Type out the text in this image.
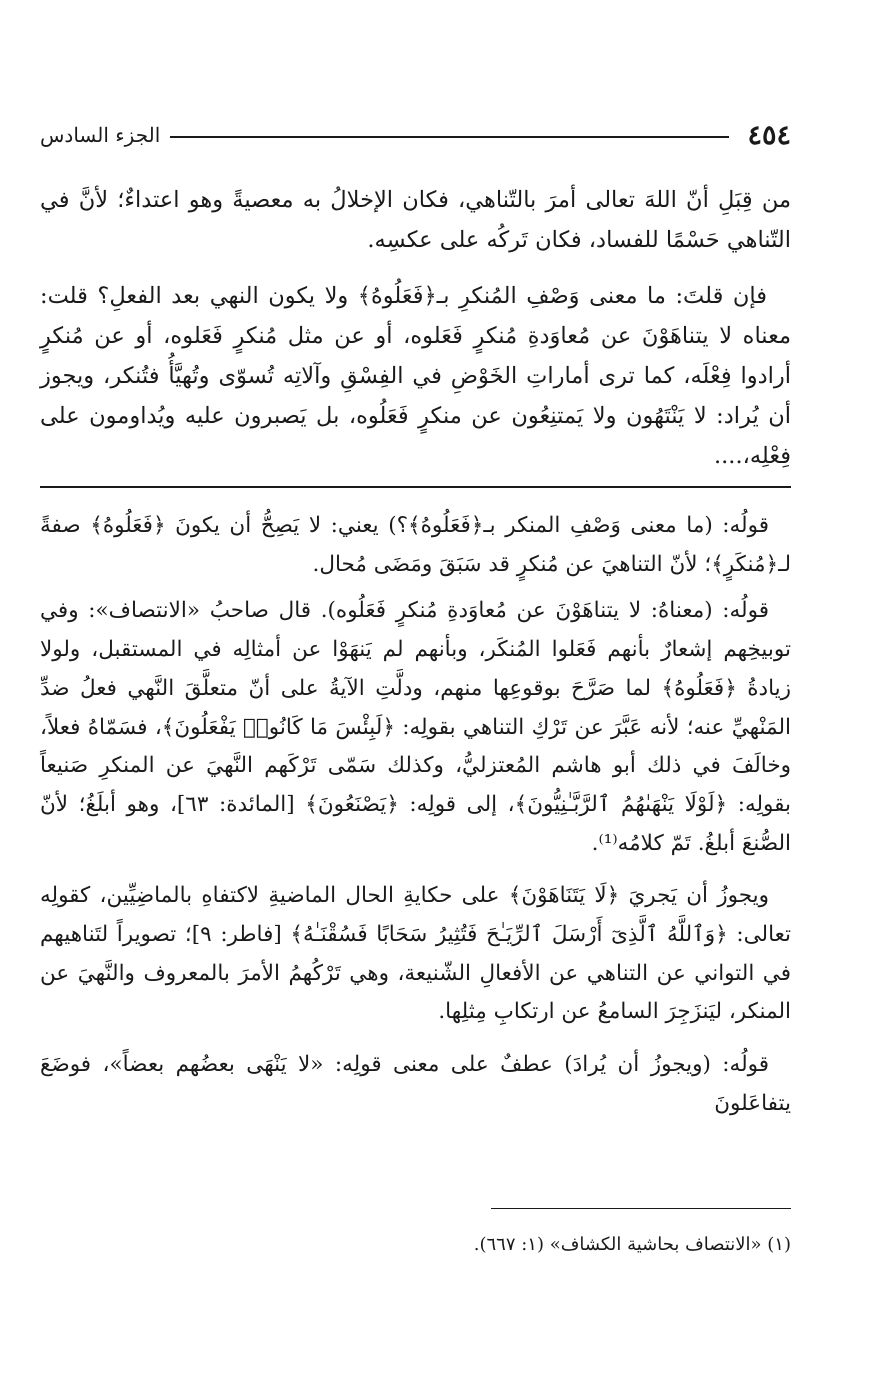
٤٥٤
الجزء السادس

من قِبَلِ أنّ اللهَ تعالى أمرَ بالتّناهي، فكان الإخلالُ به معصيةً وهو اعتداءٌ؛ لأنَّ في التّناهي حَسْمًا للفساد، فكان تَركُه على عكسِه.

فإن قلتَ: ما معنى وَصْفِ المُنكرِ بـ﴿فَعَلُوهُ﴾ ولا يكون النهي بعد الفعلِ؟ قلت: معناه لا يتناهَوْنَ عن مُعاوَدةِ مُنكرٍ فَعَلوه، أو عن مثل مُنكرٍ فَعَلوه، أو عن مُنكرٍ أرادوا فِعْلَه، كما ترى أماراتِ الخَوْضِ في الفِسْقِ وآلاتِه تُسوّى وتُهيَّأُ فتُنكر، ويجوز أن يُراد: لا يَنْتَهُون ولا يَمتنِعُون عن منكرٍ فَعَلُوه، بل يَصبرون عليه ويُداومون على فِعْلِه،....

قولُه: (ما معنى وَصْفِ المنكر بـ﴿فَعَلُوهُ﴾؟) يعني: لا يَصِحُّ أن يكونَ ﴿فَعَلُوهُ﴾ صفةً لـ﴿مُنكَرٍ﴾؛ لأنّ التناهيَ عن مُنكرٍ قد سَبَقَ ومَضَى مُحال.

قولُه: (معناهُ: لا يتناهَوْنَ عن مُعاوَدةِ مُنكرٍ فَعَلُوه). قال صاحبُ «الانتصاف»: وفي توبيخِهم إشعارٌ بأنهم فَعَلوا المُنكَر، وبأنهم لم يَنهَوْا عن أمثالِه في المستقبل، ولولا زيادةُ ﴿فَعَلُوهُ﴾ لما صَرَّحَ بوقوعِها منهم، ودلَّتِ الآيةُ على أنّ متعلَّقَ النَّهي فعلُ ضدِّ المَنْهيِّ عنه؛ لأنه عَبَّرَ عن تَرْكِ التناهي بقولِه: ﴿لَبِئْسَ مَا كَانُوا۟ يَفْعَلُونَ﴾، فسَمّاهُ فعلاً، وخالَفَ في ذلك أبو هاشم المُعتزليُّ، وكذلك سَمّى تَرْكَهم النَّهيَ عن المنكرِ صَنيعاً بقولِه: ﴿لَوْلَا يَنْهَىٰهُمُ ٱلرَّبَّـٰنِيُّونَ﴾، إلى قولِه: ﴿يَصْنَعُونَ﴾ [المائدة: ٦٣]، وهو أبلَغُ؛ لأنّ الصُّنعَ أبلغُ. تَمّ كلامُه⁽¹⁾.

ويجوزُ أن يَجريَ ﴿لَا يَتَنَاهَوْنَ﴾ على حكايةِ الحال الماضيةِ لاكتفاهِ بالماضِيِّين، كقولِه تعالى: ﴿وَٱللَّهُ ٱلَّذِىٓ أَرْسَلَ ٱلرِّيَـٰحَ فَتُثِيرُ سَحَابًا فَسُقْنَـٰهُ﴾ [فاطر: ٩]؛ تصويراً لتَناهيهم في التواني عن التناهي عن الأفعالِ الشّنيعة، وهي تَرْكُهمُ الأمرَ بالمعروف والنَّهيَ عن المنكر، ليَنزَجِرَ السامعُ عن ارتكابِ مِثلِها.

قولُه: (ويجوزُ أن يُرادَ) عطفٌ على معنى قولِه: «لا يَنْهَى بعضُهم بعضاً»، فوضَعَ يتفاعَلونَ

(١) «الانتصاف بحاشية الكشاف» (١: ٦٦٧).
